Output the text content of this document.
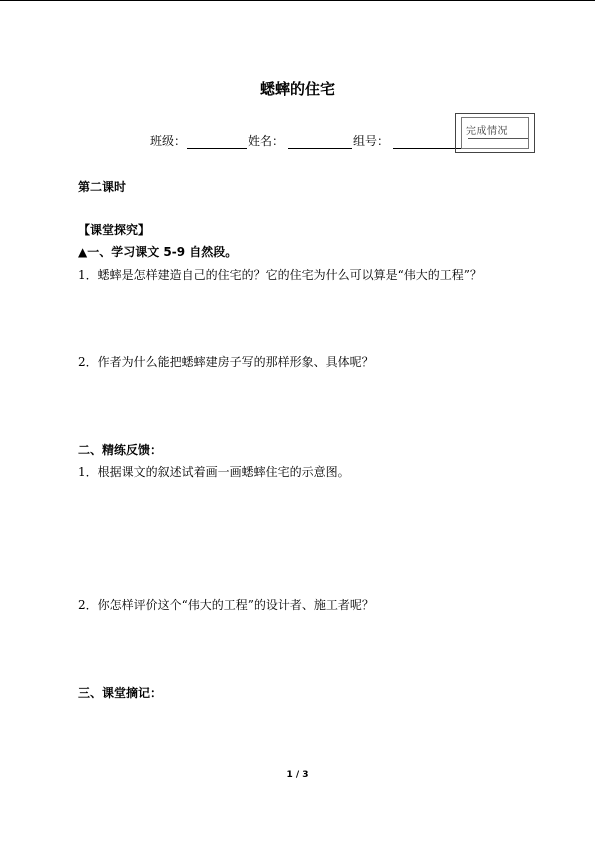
蟋蟀的住宅
班级：	姓名：	组号：
完成情况
第二课时
【课堂探究】
▲一、学习课文 5-9 自然段。
1．蟋蟀是怎样建造自己的住宅的？它的住宅为什么可以算是“伟大的工程”？
2．作者为什么能把蟋蟀建房子写的那样形象、具体呢？
二、精练反馈：
1．根据课文的叙述试着画一画蟋蟀住宅的示意图。
2．你怎样评价这个“伟大的工程”的设计者、施工者呢？
三、课堂摘记：
1 / 3
